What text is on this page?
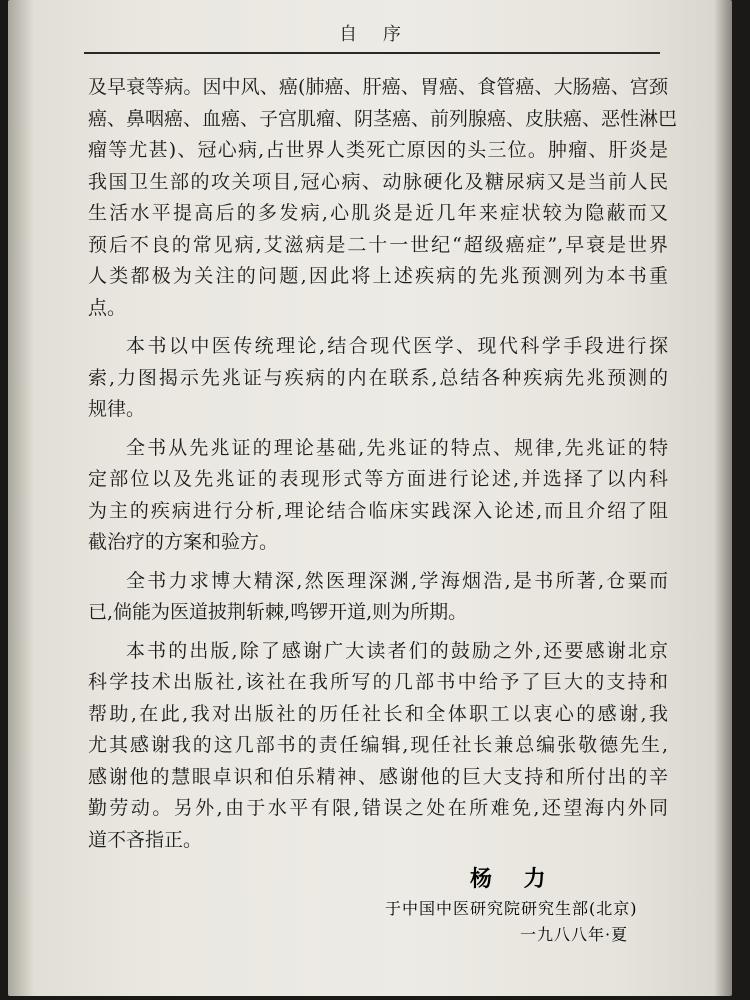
自 序

及早衰等病。因中风、癌(肺癌、肝癌、胃癌、食管癌、大肠癌、宫颈

癌、鼻咽癌、血癌、子宫肌瘤、阴茎癌、前列腺癌、皮肤癌、恶性淋巴

瘤等尤甚)、冠心病,占世界人类死亡原因的头三位。肿瘤、肝炎是

我国卫生部的攻关项目,冠心病、动脉硬化及糖尿病又是当前人民

生活水平提高后的多发病,心肌炎是近几年来症状较为隐蔽而又

预后不良的常见病,艾滋病是二十一世纪“超级癌症”,早衰是世界

人类都极为关注的问题,因此将上述疾病的先兆预测列为本书重

点。

本书以中医传统理论,结合现代医学、现代科学手段进行探

索,力图揭示先兆证与疾病的内在联系,总结各种疾病先兆预测的

规律。

全书从先兆证的理论基础,先兆证的特点、规律,先兆证的特

定部位以及先兆证的表现形式等方面进行论述,并选择了以内科

为主的疾病进行分析,理论结合临床实践深入论述,而且介绍了阻

截治疗的方案和验方。

全书力求博大精深,然医理深渊,学海烟浩,是书所著,仓粟而

已,倘能为医道披荆斩棘,鸣锣开道,则为所期。

本书的出版,除了感谢广大读者们的鼓励之外,还要感谢北京

科学技术出版社,该社在我所写的几部书中给予了巨大的支持和

帮助,在此,我对出版社的历任社长和全体职工以衷心的感谢,我

尤其感谢我的这几部书的责任编辑,现任社长兼总编张敬德先生,

感谢他的慧眼卓识和伯乐精神、感谢他的巨大支持和所付出的辛

勤劳动。另外,由于水平有限,错误之处在所难免,还望海内外同

道不吝指正。

杨 力
于中国中医研究院研究生部(北京)
一九八八年·夏
